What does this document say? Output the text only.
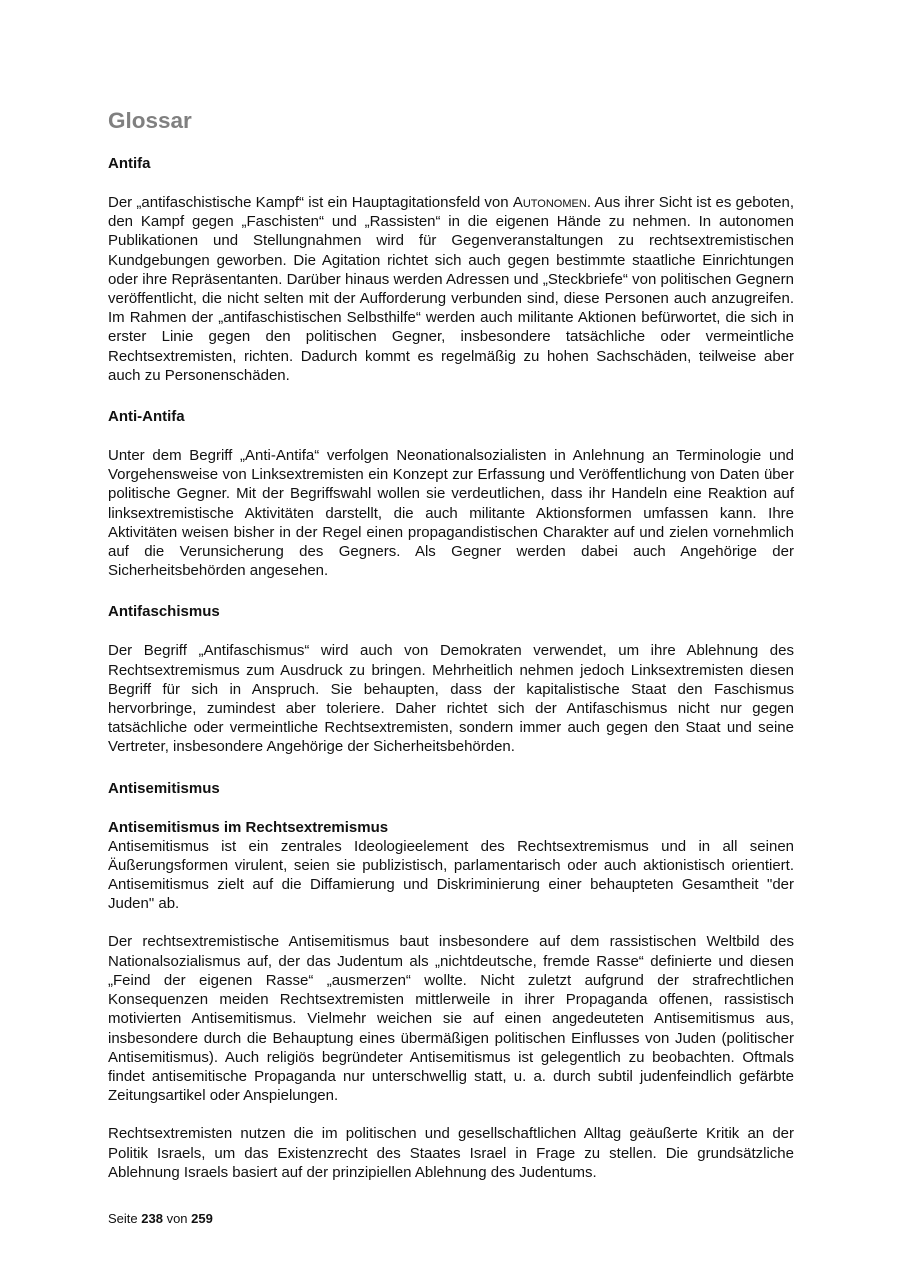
Glossar
Antifa

Der „antifaschistische Kampf“ ist ein Hauptagitationsfeld von Autonomen. Aus ihrer Sicht ist es geboten, den Kampf gegen „Faschisten“ und „Rassisten“ in die eigenen Hände zu nehmen. In autonomen Publikationen und Stellungnahmen wird für Gegenveranstaltungen zu rechtsextremistischen Kundgebungen geworben. Die Agitation richtet sich auch gegen bestimmte staatliche Einrichtungen oder ihre Repräsentanten. Darüber hinaus werden Adressen und „Steckbriefe“ von politischen Gegnern veröffentlicht, die nicht selten mit der Aufforderung verbunden sind, diese Personen auch anzugreifen. Im Rahmen der „antifaschistischen Selbsthilfe“ werden auch militante Aktionen befürwortet, die sich in erster Linie gegen den politischen Gegner, insbesondere tatsächliche oder vermeintliche Rechtsextremisten, richten. Dadurch kommt es regelmäßig zu hohen Sachschäden, teilweise aber auch zu Personenschäden.

Anti-Antifa

Unter dem Begriff „Anti-Antifa“ verfolgen Neonationalsozialisten in Anlehnung an Terminologie und Vorgehensweise von Linksextremisten ein Konzept zur Erfassung und Veröffentlichung von Daten über politische Gegner. Mit der Begriffswahl wollen sie verdeutlichen, dass ihr Handeln eine Reaktion auf linksextremistische Aktivitäten darstellt, die auch militante Aktionsformen umfassen kann. Ihre Aktivitäten weisen bisher in der Regel einen propagandistischen Charakter auf und zielen vornehmlich auf die Verunsicherung des Gegners. Als Gegner werden dabei auch Angehörige der Sicherheitsbehörden angesehen.

Antifaschismus

Der Begriff „Antifaschismus“ wird auch von Demokraten verwendet, um ihre Ablehnung des Rechtsextremismus zum Ausdruck zu bringen. Mehrheitlich nehmen jedoch Linksextremisten diesen Begriff für sich in Anspruch. Sie behaupten, dass der kapitalistische Staat den Faschismus hervorbringe, zumindest aber toleriere. Daher richtet sich der Antifaschismus nicht nur gegen tatsächliche oder vermeintliche Rechtsextremisten, sondern immer auch gegen den Staat und seine Vertreter, insbesondere Angehörige der Sicherheitsbehörden.

Antisemitismus
Antisemitismus im Rechtsextremismus

Antisemitismus ist ein zentrales Ideologieelement des Rechtsextremismus und in all seinen Äußerungsformen virulent, seien sie publizistisch, parlamentarisch oder auch aktionistisch orientiert. Antisemitismus zielt auf die Diffamierung und Diskriminierung einer behaupteten Gesamtheit "der Juden" ab.

Der rechtsextremistische Antisemitismus baut insbesondere auf dem rassistischen Weltbild des Nationalsozialismus auf, der das Judentum als „nichtdeutsche, fremde Rasse“ definierte und diesen „Feind der eigenen Rasse“ „ausmerzen“ wollte. Nicht zuletzt aufgrund der strafrechtlichen Konsequenzen meiden Rechtsextremisten mittlerweile in ihrer Propaganda offenen, rassistisch motivierten Antisemitismus. Vielmehr weichen sie auf einen angedeuteten Antisemitismus aus, insbesondere durch die Behauptung eines übermäßigen politischen Einflusses von Juden (politischer Antisemitismus). Auch religiös begründeter Antisemitismus ist gelegentlich zu beobachten. Oftmals findet antisemitische Propaganda nur unterschwellig statt, u. a. durch subtil judenfeindlich gefärbte Zeitungsartikel oder Anspielungen.

Rechtsextremisten nutzen die im politischen und gesellschaftlichen Alltag geäußerte Kritik an der Politik Israels, um das Existenzrecht des Staates Israel in Frage zu stellen. Die grundsätzliche Ablehnung Israels basiert auf der prinzipiellen Ablehnung des Judentums.

Seite 238 von 259
